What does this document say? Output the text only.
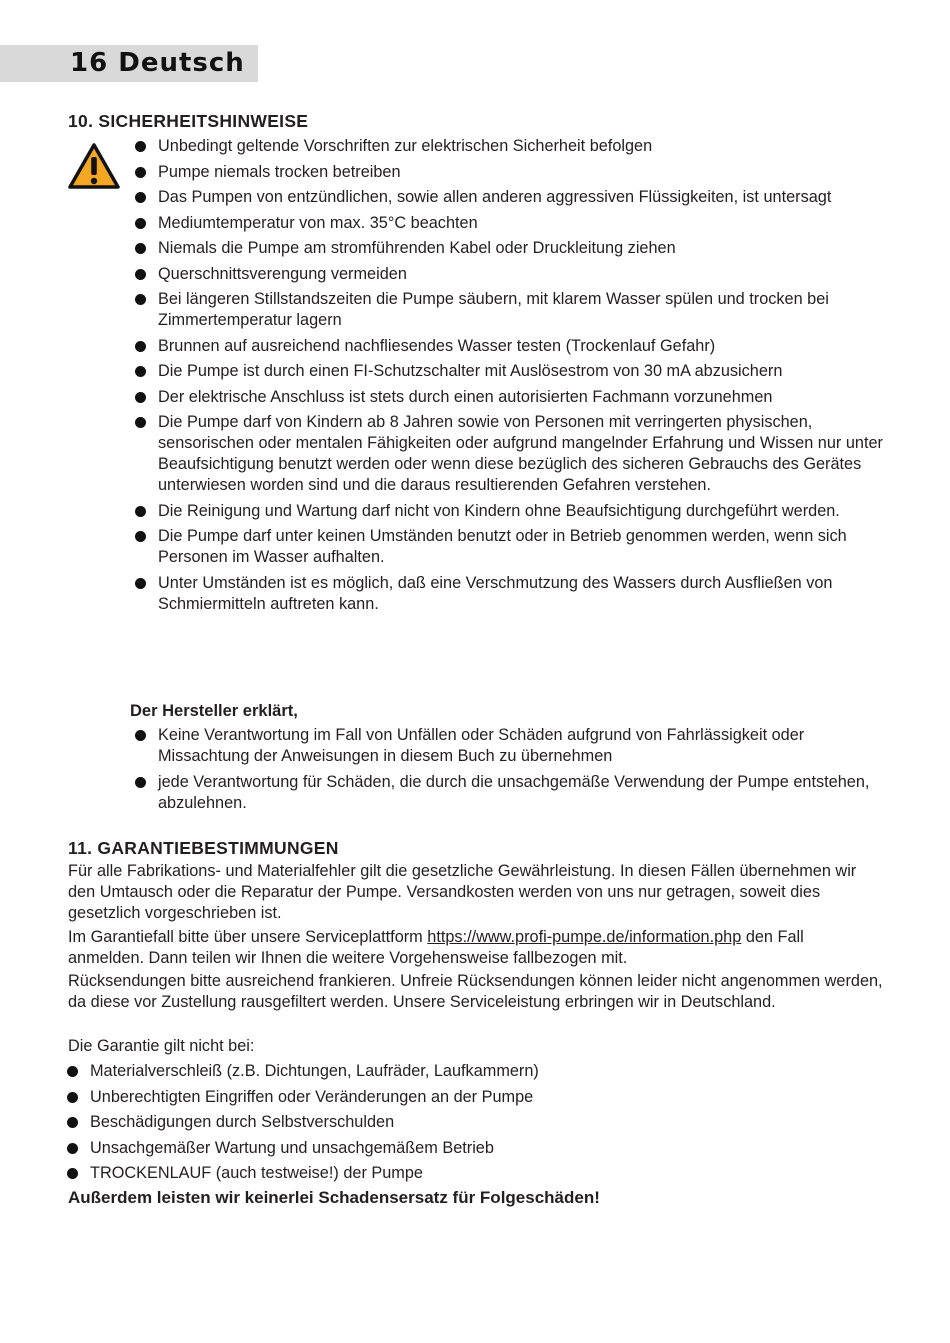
16 Deutsch
10. SICHERHEITSHINWEISE
Unbedingt geltende Vorschriften zur elektrischen Sicherheit befolgen
Pumpe niemals trocken betreiben
Das Pumpen von entzündlichen, sowie allen anderen aggressiven Flüssigkeiten, ist untersagt
Mediumtemperatur von max. 35°C beachten
Niemals die Pumpe am stromführenden Kabel oder Druckleitung ziehen
Querschnittsverengung vermeiden
Bei längeren Stillstandszeiten die Pumpe säubern, mit klarem Wasser spülen und trocken bei Zimmertemperatur lagern
Brunnen auf ausreichend nachfliesendes Wasser testen (Trockenlauf Gefahr)
Die Pumpe ist durch einen FI-Schutzschalter mit Auslösestrom von 30 mA abzusichern
Der elektrische Anschluss ist stets durch einen autorisierten Fachmann vorzunehmen
Die Pumpe darf von Kindern ab 8 Jahren sowie von Personen mit verringerten physischen, sensorischen oder mentalen Fähigkeiten oder aufgrund mangelnder Erfahrung und Wissen nur unter Beaufsichtigung benutzt werden oder wenn diese bezüglich des sicheren Gebrauchs des Gerätes unterwiesen worden sind und die daraus resultierenden Gefahren verstehen.
Die Reinigung und Wartung darf nicht von Kindern ohne Beaufsichtigung durchgeführt werden.
Die Pumpe darf unter keinen Umständen benutzt oder in Betrieb genommen werden, wenn sich Personen im Wasser aufhalten.
Unter Umständen ist es möglich, daß eine Verschmutzung des Wassers durch Ausfließen von Schmiermitteln auftreten kann.
Der Hersteller erklärt,
Keine Verantwortung im Fall von Unfällen oder Schäden aufgrund von Fahrlässigkeit oder Missachtung der Anweisungen in diesem Buch zu übernehmen
jede Verantwortung für Schäden, die durch die unsachgemäße Verwendung der Pumpe entstehen, abzulehnen.
11. GARANTIEBESTIMMUNGEN

Für alle Fabrikations- und Materialfehler gilt die gesetzliche Gewährleistung. In diesen Fällen übernehmen wir den Umtausch oder die Reparatur der Pumpe. Versandkosten werden von uns nur getragen, soweit dies gesetzlich vorgeschrieben ist.

Im Garantiefall bitte über unsere Serviceplattform https://www.profi-pumpe.de/information.php den Fall anmelden. Dann teilen wir Ihnen die weitere Vorgehensweise fallbezogen mit.

Rücksendungen bitte ausreichend frankieren. Unfreie Rücksendungen können leider nicht angenommen werden, da diese vor Zustellung rausgefiltert werden. Unsere Serviceleistung erbringen wir in Deutschland.

Die Garantie gilt nicht bei:

Materialverschleiß (z.B. Dichtungen, Laufräder, Laufkammern)
Unberechtigten Eingriffen oder Veränderungen an der Pumpe
Beschädigungen durch Selbstverschulden
Unsachgemäßer Wartung und unsachgemäßem Betrieb
TROCKENLAUF (auch testweise!) der Pumpe
Außerdem leisten wir keinerlei Schadensersatz für Folgeschäden!
